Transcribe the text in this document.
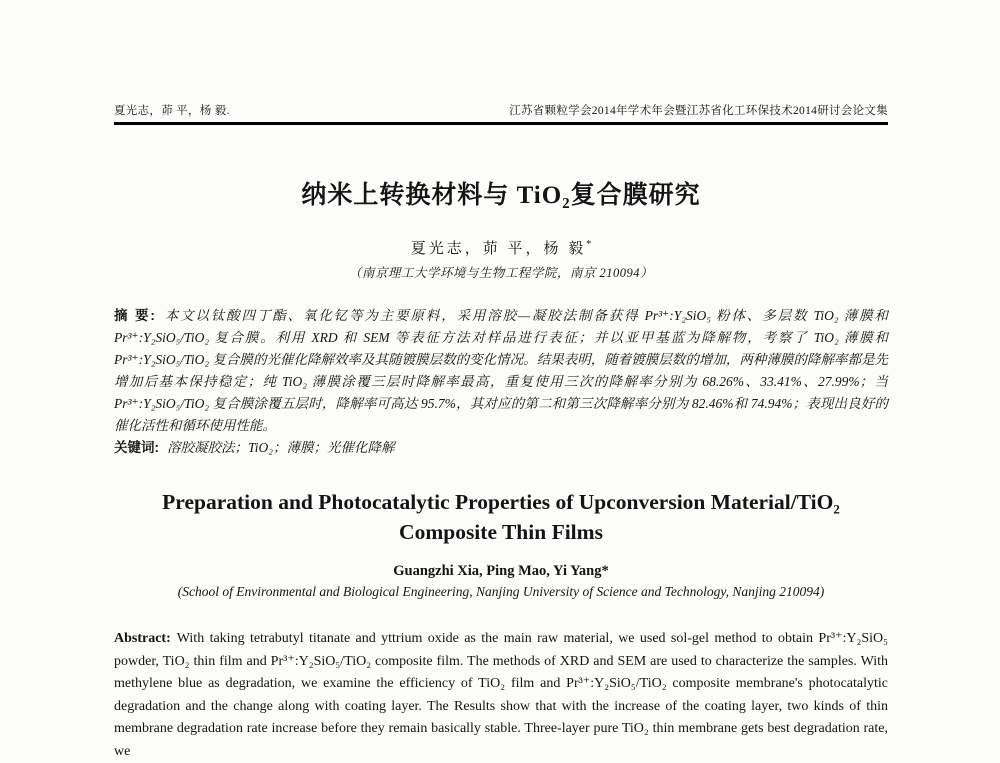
夏光志，茆 平，杨 毅.	江苏省颗粒学会2014年学术年会暨江苏省化工环保技术2014研讨会论文集
纳米上转换材料与 TiO₂复合膜研究
夏光志，茆 平，杨 毅*
（南京理工大学环境与生物工程学院，南京 210094）

摘 要: 本文以钛酸四丁酯、氧化钇等为主要原料，采用溶胶—凝胶法制备获得 Pr³⁺:Y₂SiO₅ 粉体、多层数 TiO₂ 薄膜和 Pr³⁺:Y₂SiO₅/TiO₂ 复合膜。利用 XRD 和 SEM 等表征方法对样品进行表征；并以亚甲基蓝为降解物，考察了 TiO₂ 薄膜和 Pr³⁺:Y₂SiO₅/TiO₂ 复合膜的光催化降解效率及其随镀膜层数的变化情况。结果表明，随着镀膜层数的增加，两种薄膜的降解率都是先增加后基本保持稳定；纯 TiO₂ 薄膜涂覆三层时降解率最高，重复使用三次的降解率分别为 68.26%、33.41%、27.99%；当 Pr³⁺:Y₂SiO₅/TiO₂ 复合膜涂覆五层时，降解率可高达 95.7%，其对应的第二和第三次降解率分别为 82.46%和 74.94%；表现出良好的催化活性和循环使用性能。

关键词: 溶胶凝胶法；TiO₂；薄膜；光催化降解

Preparation and Photocatalytic Properties of Upconversion Material/TiO₂ Composite Thin Films
Guangzhi Xia, Ping Mao, Yi Yang*
(School of Environmental and Biological Engineering, Nanjing University of Science and Technology, Nanjing 210094)

Abstract: With taking tetrabutyl titanate and yttrium oxide as the main raw material, we used sol-gel method to obtain Pr³⁺:Y₂SiO₅ powder, TiO₂ thin film and Pr³⁺:Y₂SiO₅/TiO₂ composite film. The methods of XRD and SEM are used to characterize the samples. With methylene blue as degradation, we examine the efficiency of TiO₂ film and Pr³⁺:Y₂SiO₅/TiO₂ composite membrane's photocatalytic degradation and the change along with coating layer. The Results show that with the increase of the coating layer, two kinds of thin membrane degradation rate increase before they remain basically stable. Three-layer pure TiO₂ thin membrane gets best degradation rate, we
